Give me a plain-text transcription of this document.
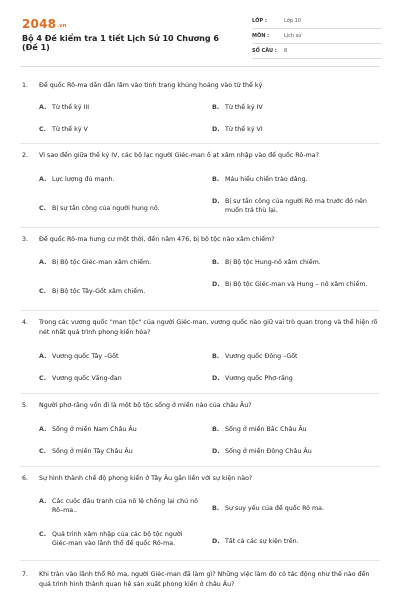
2048.vn
Bộ 4 Đề kiểm tra 1 tiết Lịch Sử 10 Chương 6 (Đề 1)
LỚP :	Lớp 10
MÔN :	Lịch sử
SỐ CÂU :	8
1.	Đế quốc Rô-ma dần dần lâm vào tình trạng khủng hoảng vào từ thế kỷ
A. Từ thế kỷ III	B. Từ thế kỷ IV
C. Từ thế kỷ V	D. Từ thế kỷ VI
2.	Vì sao đến giữa thế kỷ IV, các bộ lạc người Giéc-man ồ ạt xâm nhập vào đế quốc Rô-ma?
A. Lực lượng đủ mạnh.	B. Máu hiếu chiến trào dâng.
C. Bị sự tấn công của người hung nô.
D. Bị sự tấn công của người Rô ma trước đó nên muốn trả thù lại.
3.	Đế quốc Rô-ma hưng cư một thời, đến năm 476, bị bộ tộc nào xâm chiếm?
A. Bị Bộ tộc Giéc-man xâm chiếm.	B. Bị Bộ tộc Hung-nô xâm chiếm.
C. Bị Bộ tộc Tây-Gốt xâm chiếm.
D. Bị Bộ tộc Giéc-man và Hung – nô xâm chiếm.
4.	Trong các vương quốc "man tộc" của người Giéc-man, vương quốc nào giữ vai trò quan trọng và thể hiện rõ nét nhất quá trình phong kiến hóa?
A. Vương quốc Tây –Gốt	B. Vương quốc Đông –Gốt
C. Vương quốc Văng-đan	D. Vương quốc Phơ-răng
5.	Người phơ-răng vốn đi là một bộ tộc sống ở miền nào của châu Âu?
A. Sống ở miền Nam Châu Âu	B. Sống ở miền Bắc Châu Âu
C. Sống ở miền Tây Châu Âu	D. Sống ở miền Đông Châu Âu
6.	Sự hình thành chế độ phong kiến ở Tây Âu gắn liền với sự kiện nào?
A. Các cuộc đấu tranh của nô lệ chống lại chủ nô Rô–ma..	B. Sự suy yếu của đế quốc Rô ma.
C. Quá trình xâm nhập của các bộ tộc người Giéc-man vào lãnh thổ đế quốc Rô-ma.	D. Tất cả các sự kiện trên.
7.	Khi tràn vào lãnh thổ Rô ma, người Giéc-man đã làm gì? Những việc làm đó có tác động như thế nào đến quá trình hình thành quan hệ sản xuất phong kiến ở châu Âu?
